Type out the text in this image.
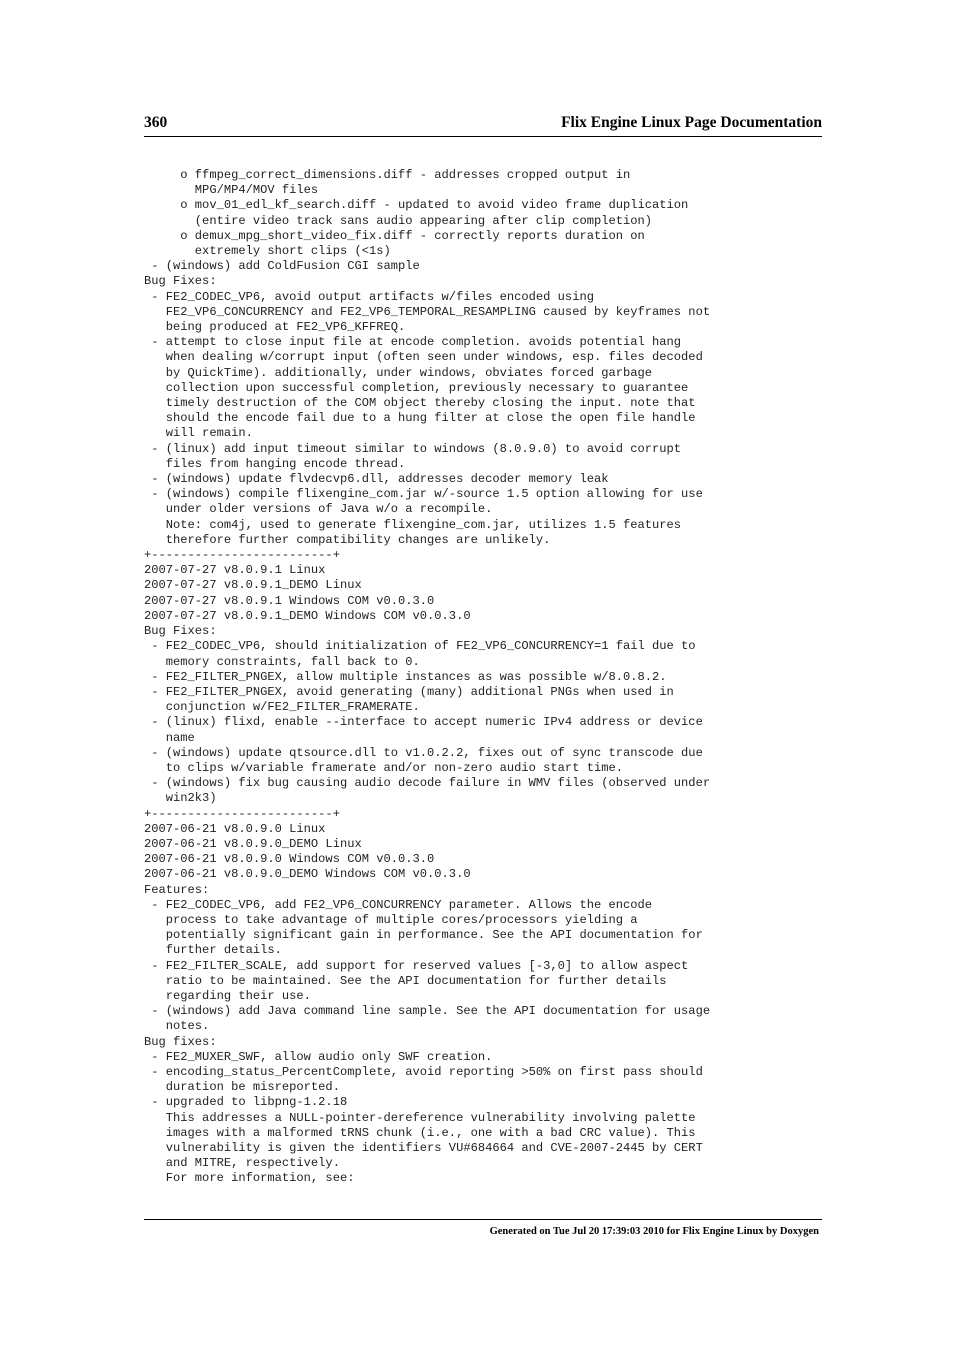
360	Flix Engine Linux Page Documentation
o ffmpeg_correct_dimensions.diff - addresses cropped output in
MPG/MP4/MOV files
o mov_01_edl_kf_search.diff - updated to avoid video frame duplication
(entire video track sans audio appearing after clip completion)
o demux_mpg_short_video_fix.diff - correctly reports duration on
extremely short clips (<1s)
- (windows) add ColdFusion CGI sample
Bug Fixes:
- FE2_CODEC_VP6, avoid output artifacts w/files encoded using
FE2_VP6_CONCURRENCY and FE2_VP6_TEMPORAL_RESAMPLING caused by keyframes not
being produced at FE2_VP6_KFFREQ.
- attempt to close input file at encode completion. avoids potential hang
when dealing w/corrupt input (often seen under windows, esp. files decoded
by QuickTime). additionally, under windows, obviates forced garbage
collection upon successful completion, previously necessary to guarantee
timely destruction of the COM object thereby closing the input. note that
should the encode fail due to a hung filter at close the open file handle
will remain.
- (linux) add input timeout similar to windows (8.0.9.0) to avoid corrupt
files from hanging encode thread.
- (windows) update flvdecvp6.dll, addresses decoder memory leak
- (windows) compile flixengine_com.jar w/-source 1.5 option allowing for use
under older versions of Java w/o a recompile.
Note: com4j, used to generate flixengine_com.jar, utilizes 1.5 features
therefore further compatibility changes are unlikely.
+-------------------------+
2007-07-27 v8.0.9.1 Linux
2007-07-27 v8.0.9.1_DEMO Linux
2007-07-27 v8.0.9.1 Windows COM v0.0.3.0
2007-07-27 v8.0.9.1_DEMO Windows COM v0.0.3.0
Bug Fixes:
- FE2_CODEC_VP6, should initialization of FE2_VP6_CONCURRENCY=1 fail due to
memory constraints, fall back to 0.
- FE2_FILTER_PNGEX, allow multiple instances as was possible w/8.0.8.2.
- FE2_FILTER_PNGEX, avoid generating (many) additional PNGs when used in
conjunction w/FE2_FILTER_FRAMERATE.
- (linux) flixd, enable --interface to accept numeric IPv4 address or device
name
- (windows) update qtsource.dll to v1.0.2.2, fixes out of sync transcode due
to clips w/variable framerate and/or non-zero audio start time.
- (windows) fix bug causing audio decode failure in WMV files (observed under
win2k3)
+-------------------------+
2007-06-21 v8.0.9.0 Linux
2007-06-21 v8.0.9.0_DEMO Linux
2007-06-21 v8.0.9.0 Windows COM v0.0.3.0
2007-06-21 v8.0.9.0_DEMO Windows COM v0.0.3.0
Features:
- FE2_CODEC_VP6, add FE2_VP6_CONCURRENCY parameter. Allows the encode
process to take advantage of multiple cores/processors yielding a
potentially significant gain in performance. See the API documentation for
further details.
- FE2_FILTER_SCALE, add support for reserved values [-3,0] to allow aspect
ratio to be maintained. See the API documentation for further details
regarding their use.
- (windows) add Java command line sample. See the API documentation for usage
notes.
Bug fixes:
- FE2_MUXER_SWF, allow audio only SWF creation.
- encoding_status_PercentComplete, avoid reporting >50% on first pass should
duration be misreported.
- upgraded to libpng-1.2.18
This addresses a NULL-pointer-dereference vulnerability involving palette
images with a malformed tRNS chunk (i.e., one with a bad CRC value). This
vulnerability is given the identifiers VU#684664 and CVE-2007-2445 by CERT
and MITRE, respectively.
For more information, see:

Generated on Tue Jul 20 17:39:03 2010 for Flix Engine Linux by Doxygen
